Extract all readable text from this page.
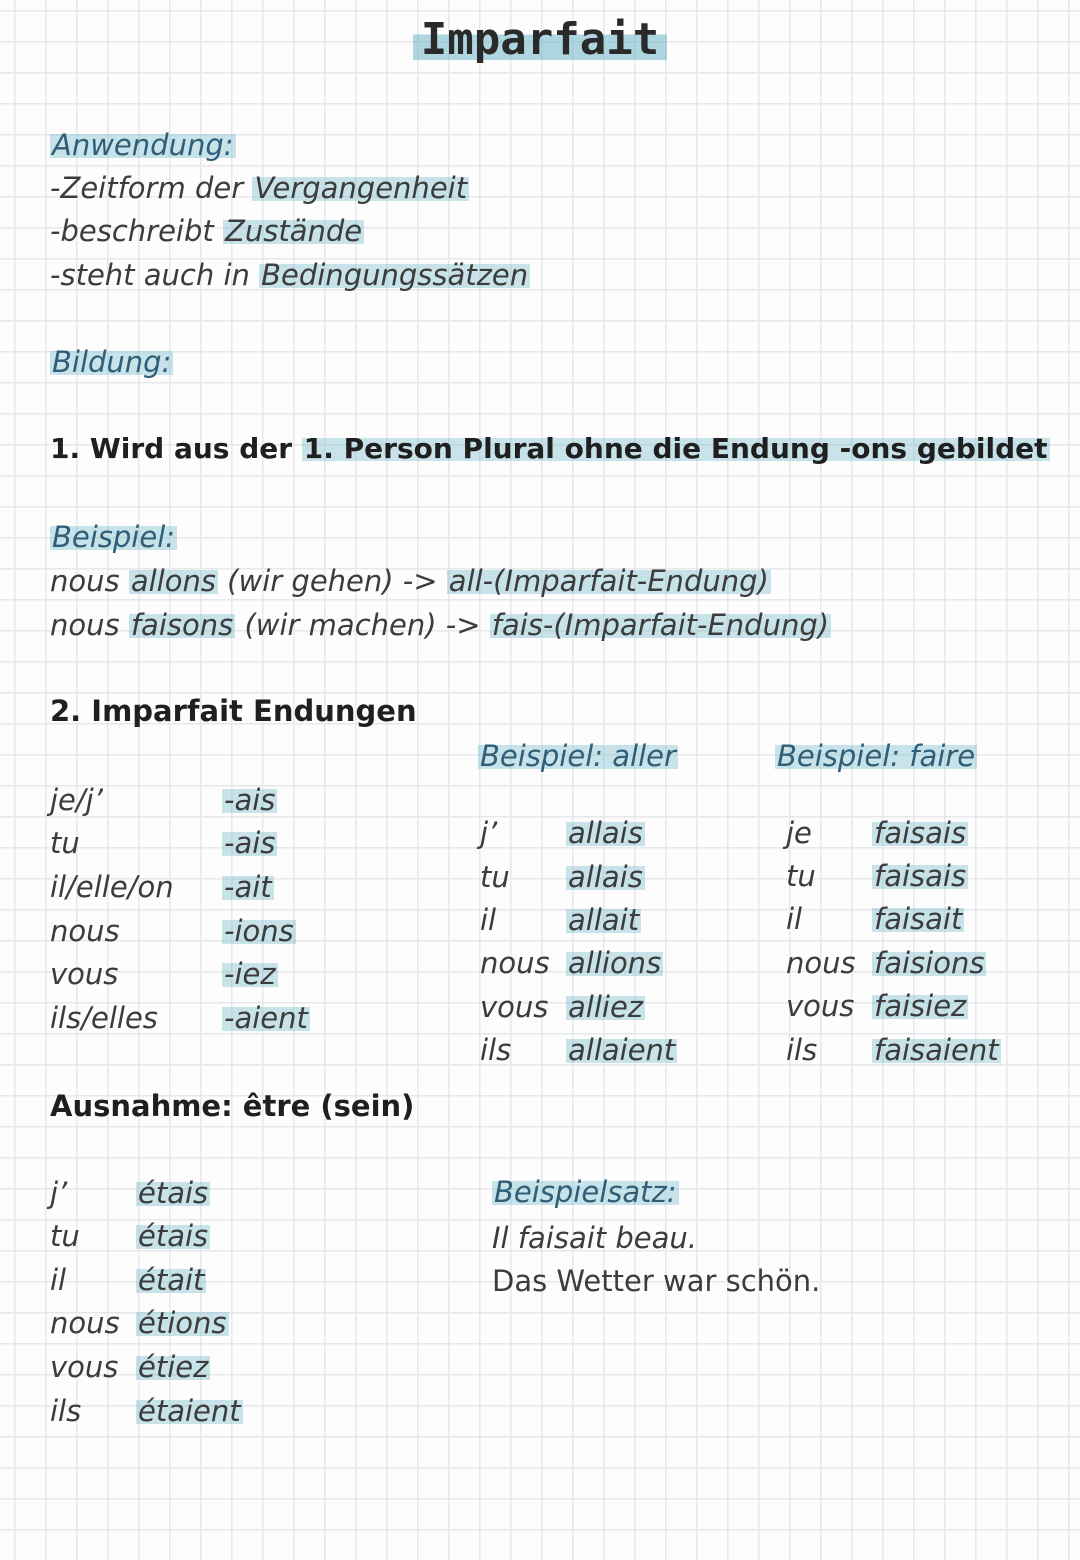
Imparfait
Anwendung:
-Zeitform der Vergangenheit
-beschreibt Zustände
-steht auch in Bedingungssätzen
Bildung:
1. Wird aus der 1. Person Plural ohne die Endung -ons gebildet
Beispiel:
nous allons (wir gehen) -> all-(Imparfait-Endung)
nous faisons (wir machen) -> fais-(Imparfait-Endung)
2. Imparfait Endungen
je/j’	-ais
tu	-ais
il/elle/on -ait
nous	-ions
vous	-iez
ils/elles -aient
Beispiel: aller
j’ allais
tu allais
il allait
nous allions
vous alliez
ils allaient
Beispiel: faire
je faisais
tu faisais
il faisait
nous faisions
vous faisiez
ils faisaient
Ausnahme: être (sein)
j’ étais
tu étais
il était
nous étions
vous étiez
ils étaient
Beispielsatz:
Il faisait beau.
Das Wetter war schön.
